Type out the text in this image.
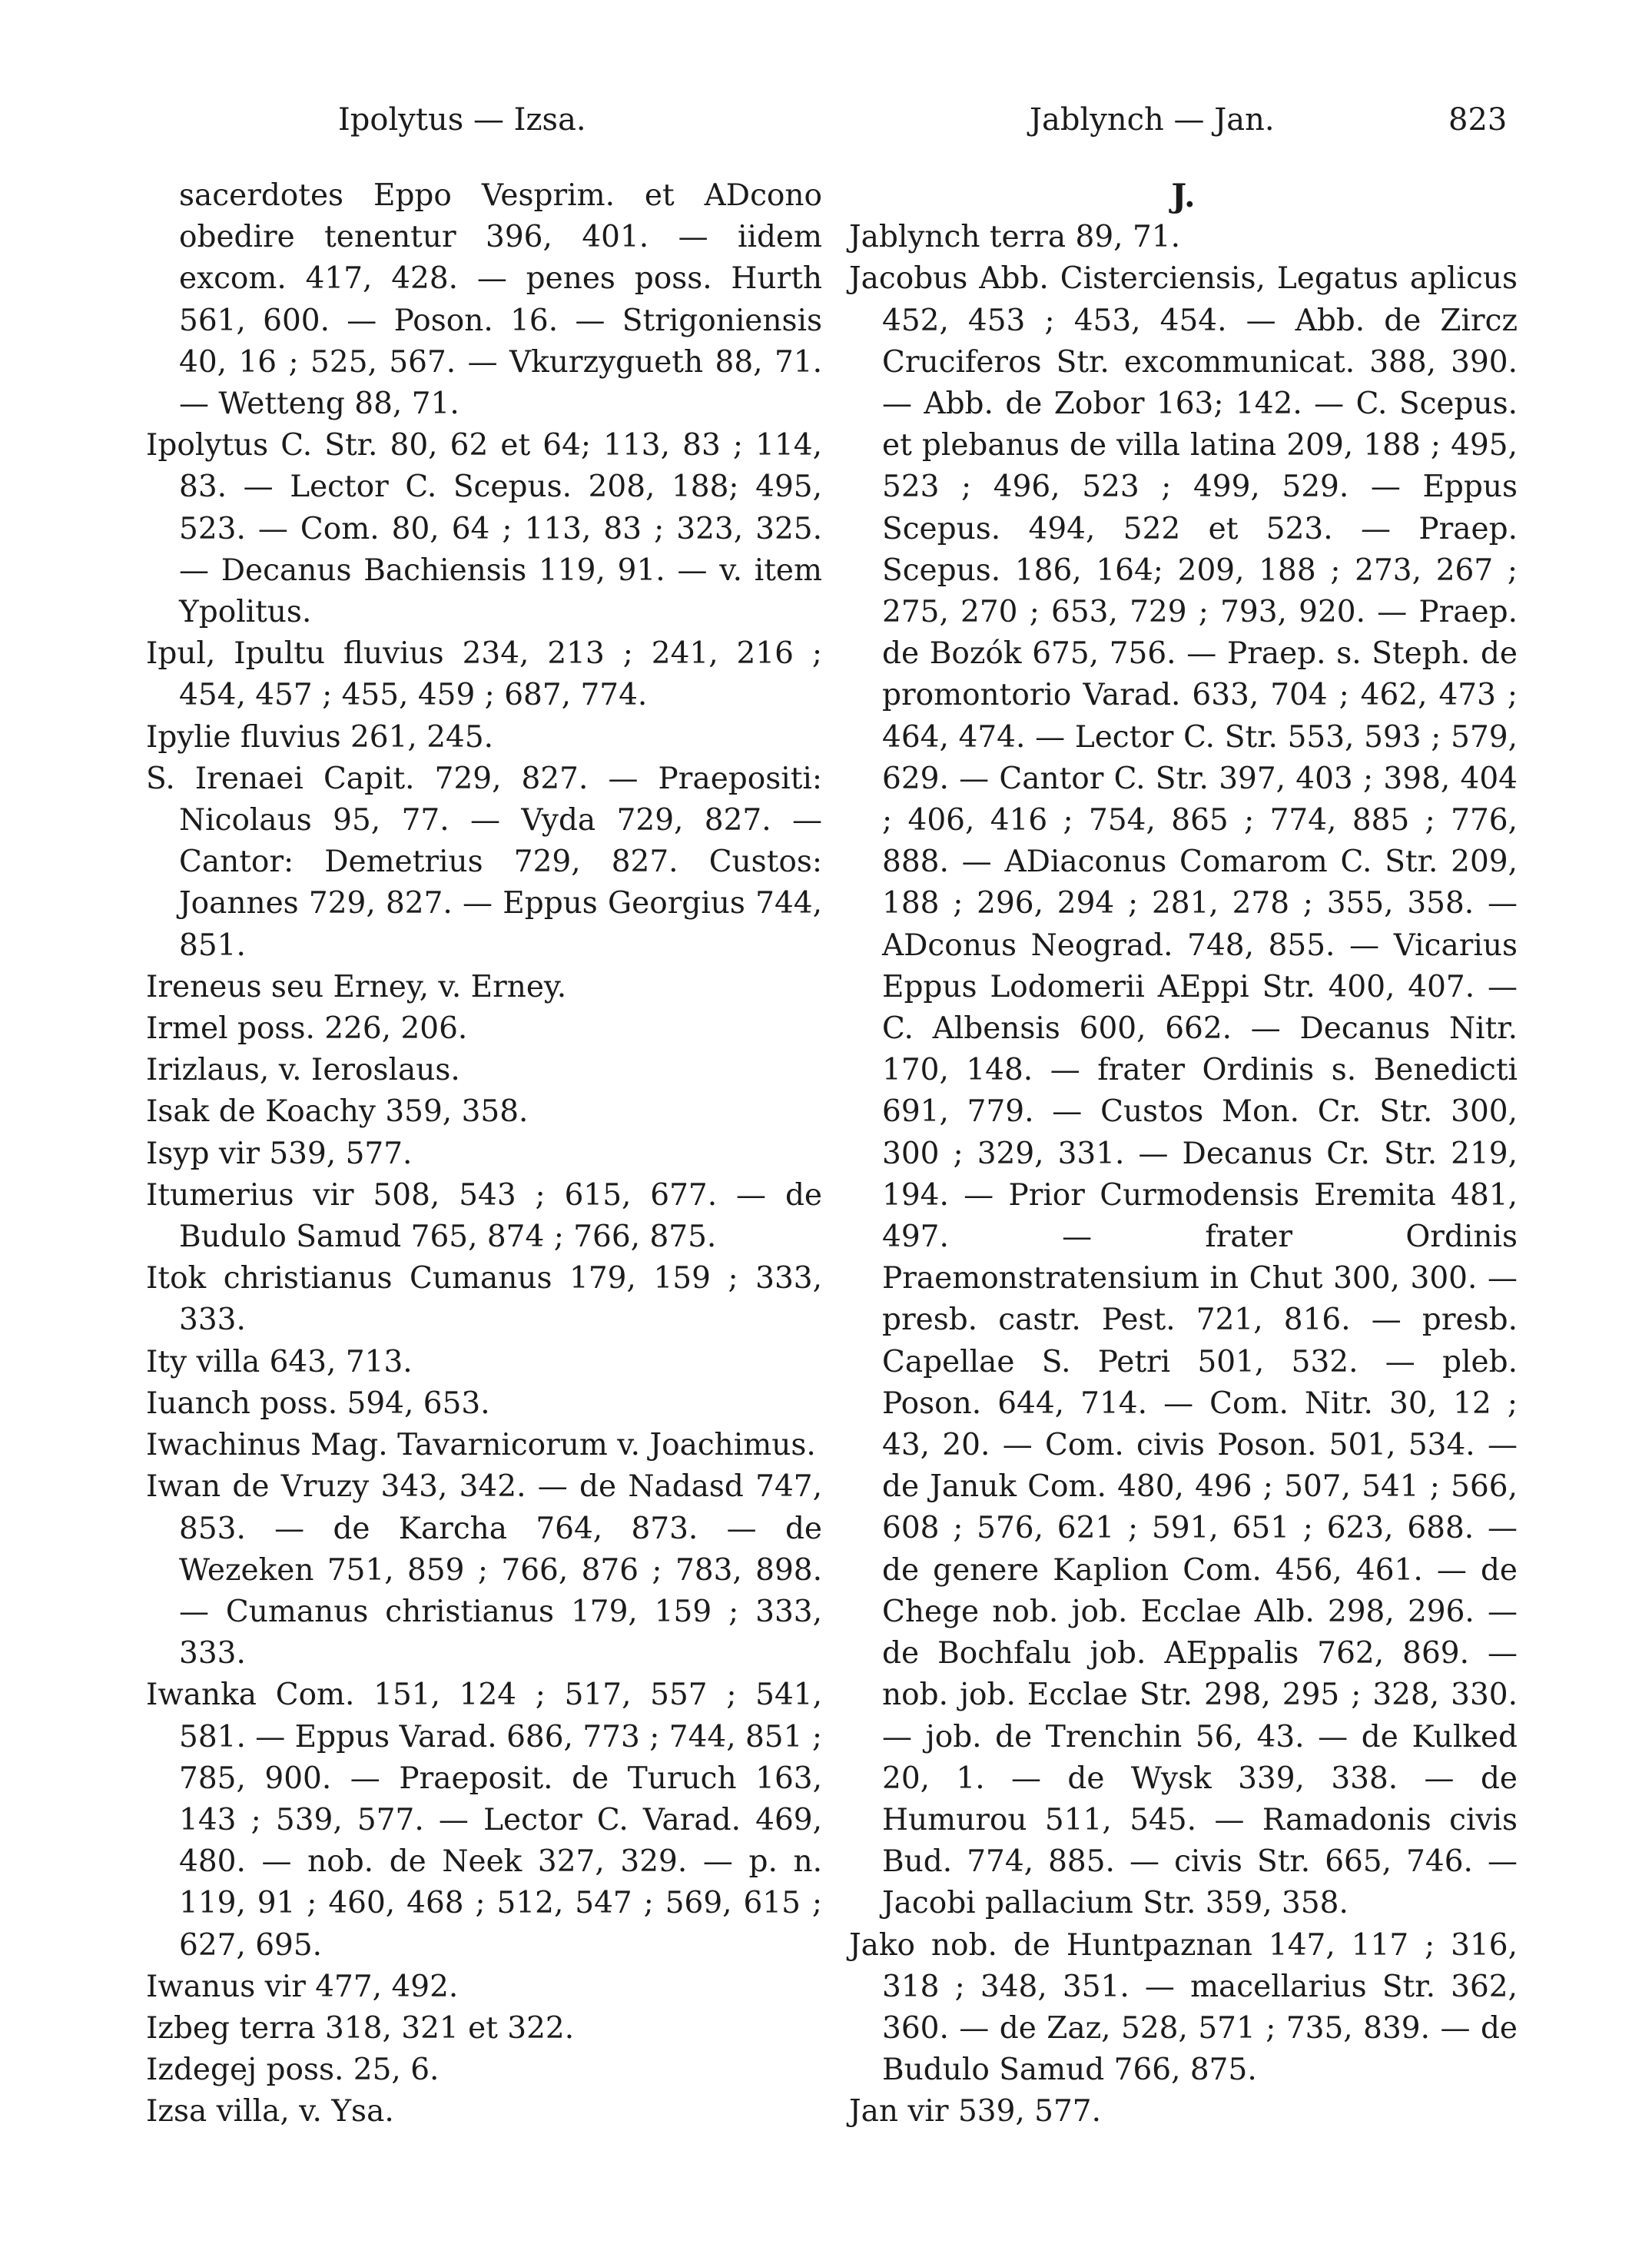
Ipolytus — Izsa.	Jablynch — Jan.	823

sacerdotes Eppo Vesprim. et ADcono obedire tenentur 396, 401. — iidem excom. 417, 428. — penes poss. Hurth 561, 600. — Poson. 16. — Strigoniensis 40, 16 ; 525, 567. — Vkurzygueth 88, 71. — Wetteng 88, 71.

Ipolytus C. Str. 80, 62 et 64; 113, 83 ; 114, 83. — Lector C. Scepus. 208, 188; 495, 523. — Com. 80, 64 ; 113, 83 ; 323, 325. — Decanus Bachiensis 119, 91. — v. item Ypolitus.

Ipul, Ipultu fluvius 234, 213 ; 241, 216 ; 454, 457 ; 455, 459 ; 687, 774.

Ipylie fluvius 261, 245.

S. Irenaei Capit. 729, 827. — Praepositi: Nicolaus 95, 77. — Vyda 729, 827. — Cantor: Demetrius 729, 827. Custos: Joannes 729, 827. — Eppus Georgius 744, 851.

Ireneus seu Erney, v. Erney.

Irmel poss. 226, 206.

Irizlaus, v. Ieroslaus.

Isak de Koachy 359, 358.

Isyp vir 539, 577.

Itumerius vir 508, 543 ; 615, 677. — de Budulo Samud 765, 874 ; 766, 875.

Itok christianus Cumanus 179, 159 ; 333, 333.

Ity villa 643, 713.

Iuanch poss. 594, 653.

Iwachinus Mag. Tavarnicorum v. Joachimus.

Iwan de Vruzy 343, 342. — de Nadasd 747, 853. — de Karcha 764, 873. — de Wezeken 751, 859 ; 766, 876 ; 783, 898. — Cumanus christianus 179, 159 ; 333, 333.

Iwanka Com. 151, 124 ; 517, 557 ; 541, 581. — Eppus Varad. 686, 773 ; 744, 851 ; 785, 900. — Praeposit. de Turuch 163, 143 ; 539, 577. — Lector C. Varad. 469, 480. — nob. de Neek 327, 329. — p. n. 119, 91 ; 460, 468 ; 512, 547 ; 569, 615 ; 627, 695.

Iwanus vir 477, 492.

Izbeg terra 318, 321 et 322.

Izdegej poss. 25, 6.

Izsa villa, v. Ysa.

J.

Jablynch terra 89, 71.

Jacobus Abb. Cisterciensis, Legatus aplicus 452, 453 ; 453, 454. — Abb. de Zircz Cruciferos Str. excommunicat. 388, 390. — Abb. de Zobor 163; 142. — C. Scepus. et plebanus de villa latina 209, 188 ; 495, 523 ; 496, 523 ; 499, 529. — Eppus Scepus. 494, 522 et 523. — Praep. Scepus. 186, 164; 209, 188 ; 273, 267 ; 275, 270 ; 653, 729 ; 793, 920. — Praep. de Bozók 675, 756. — Praep. s. Steph. de promontorio Varad. 633, 704 ; 462, 473 ; 464, 474. — Lector C. Str. 553, 593 ; 579, 629. — Cantor C. Str. 397, 403 ; 398, 404 ; 406, 416 ; 754, 865 ; 774, 885 ; 776, 888. — ADiaconus Comarom C. Str. 209, 188 ; 296, 294 ; 281, 278 ; 355, 358. — ADconus Neograd. 748, 855. — Vicarius Eppus Lodomerii AEppi Str. 400, 407. — C. Albensis 600, 662. — Decanus Nitr. 170, 148. — frater Ordinis s. Benedicti 691, 779. — Custos Mon. Cr. Str. 300, 300 ; 329, 331. — Decanus Cr. Str. 219, 194. — Prior Curmodensis Eremita 481, 497. — frater Ordinis Praemonstratensium in Chut 300, 300. — presb. castr. Pest. 721, 816. — presb. Capellae S. Petri 501, 532. — pleb. Poson. 644, 714. — Com. Nitr. 30, 12 ; 43, 20. — Com. civis Poson. 501, 534. — de Januk Com. 480, 496 ; 507, 541 ; 566, 608 ; 576, 621 ; 591, 651 ; 623, 688. — de genere Kaplion Com. 456, 461. — de Chege nob. job. Ecclae Alb. 298, 296. — de Bochfalu job. AEppalis 762, 869. — nob. job. Ecclae Str. 298, 295 ; 328, 330. — job. de Trenchin 56, 43. — de Kulked 20, 1. — de Wysk 339, 338. — de Humurou 511, 545. — Ramadonis civis Bud. 774, 885. — civis Str. 665, 746. — Jacobi pallacium Str. 359, 358.

Jako nob. de Huntpaznan 147, 117 ; 316, 318 ; 348, 351. — macellarius Str. 362, 360. — de Zaz, 528, 571 ; 735, 839. — de Budulo Samud 766, 875.

Jan vir 539, 577.
